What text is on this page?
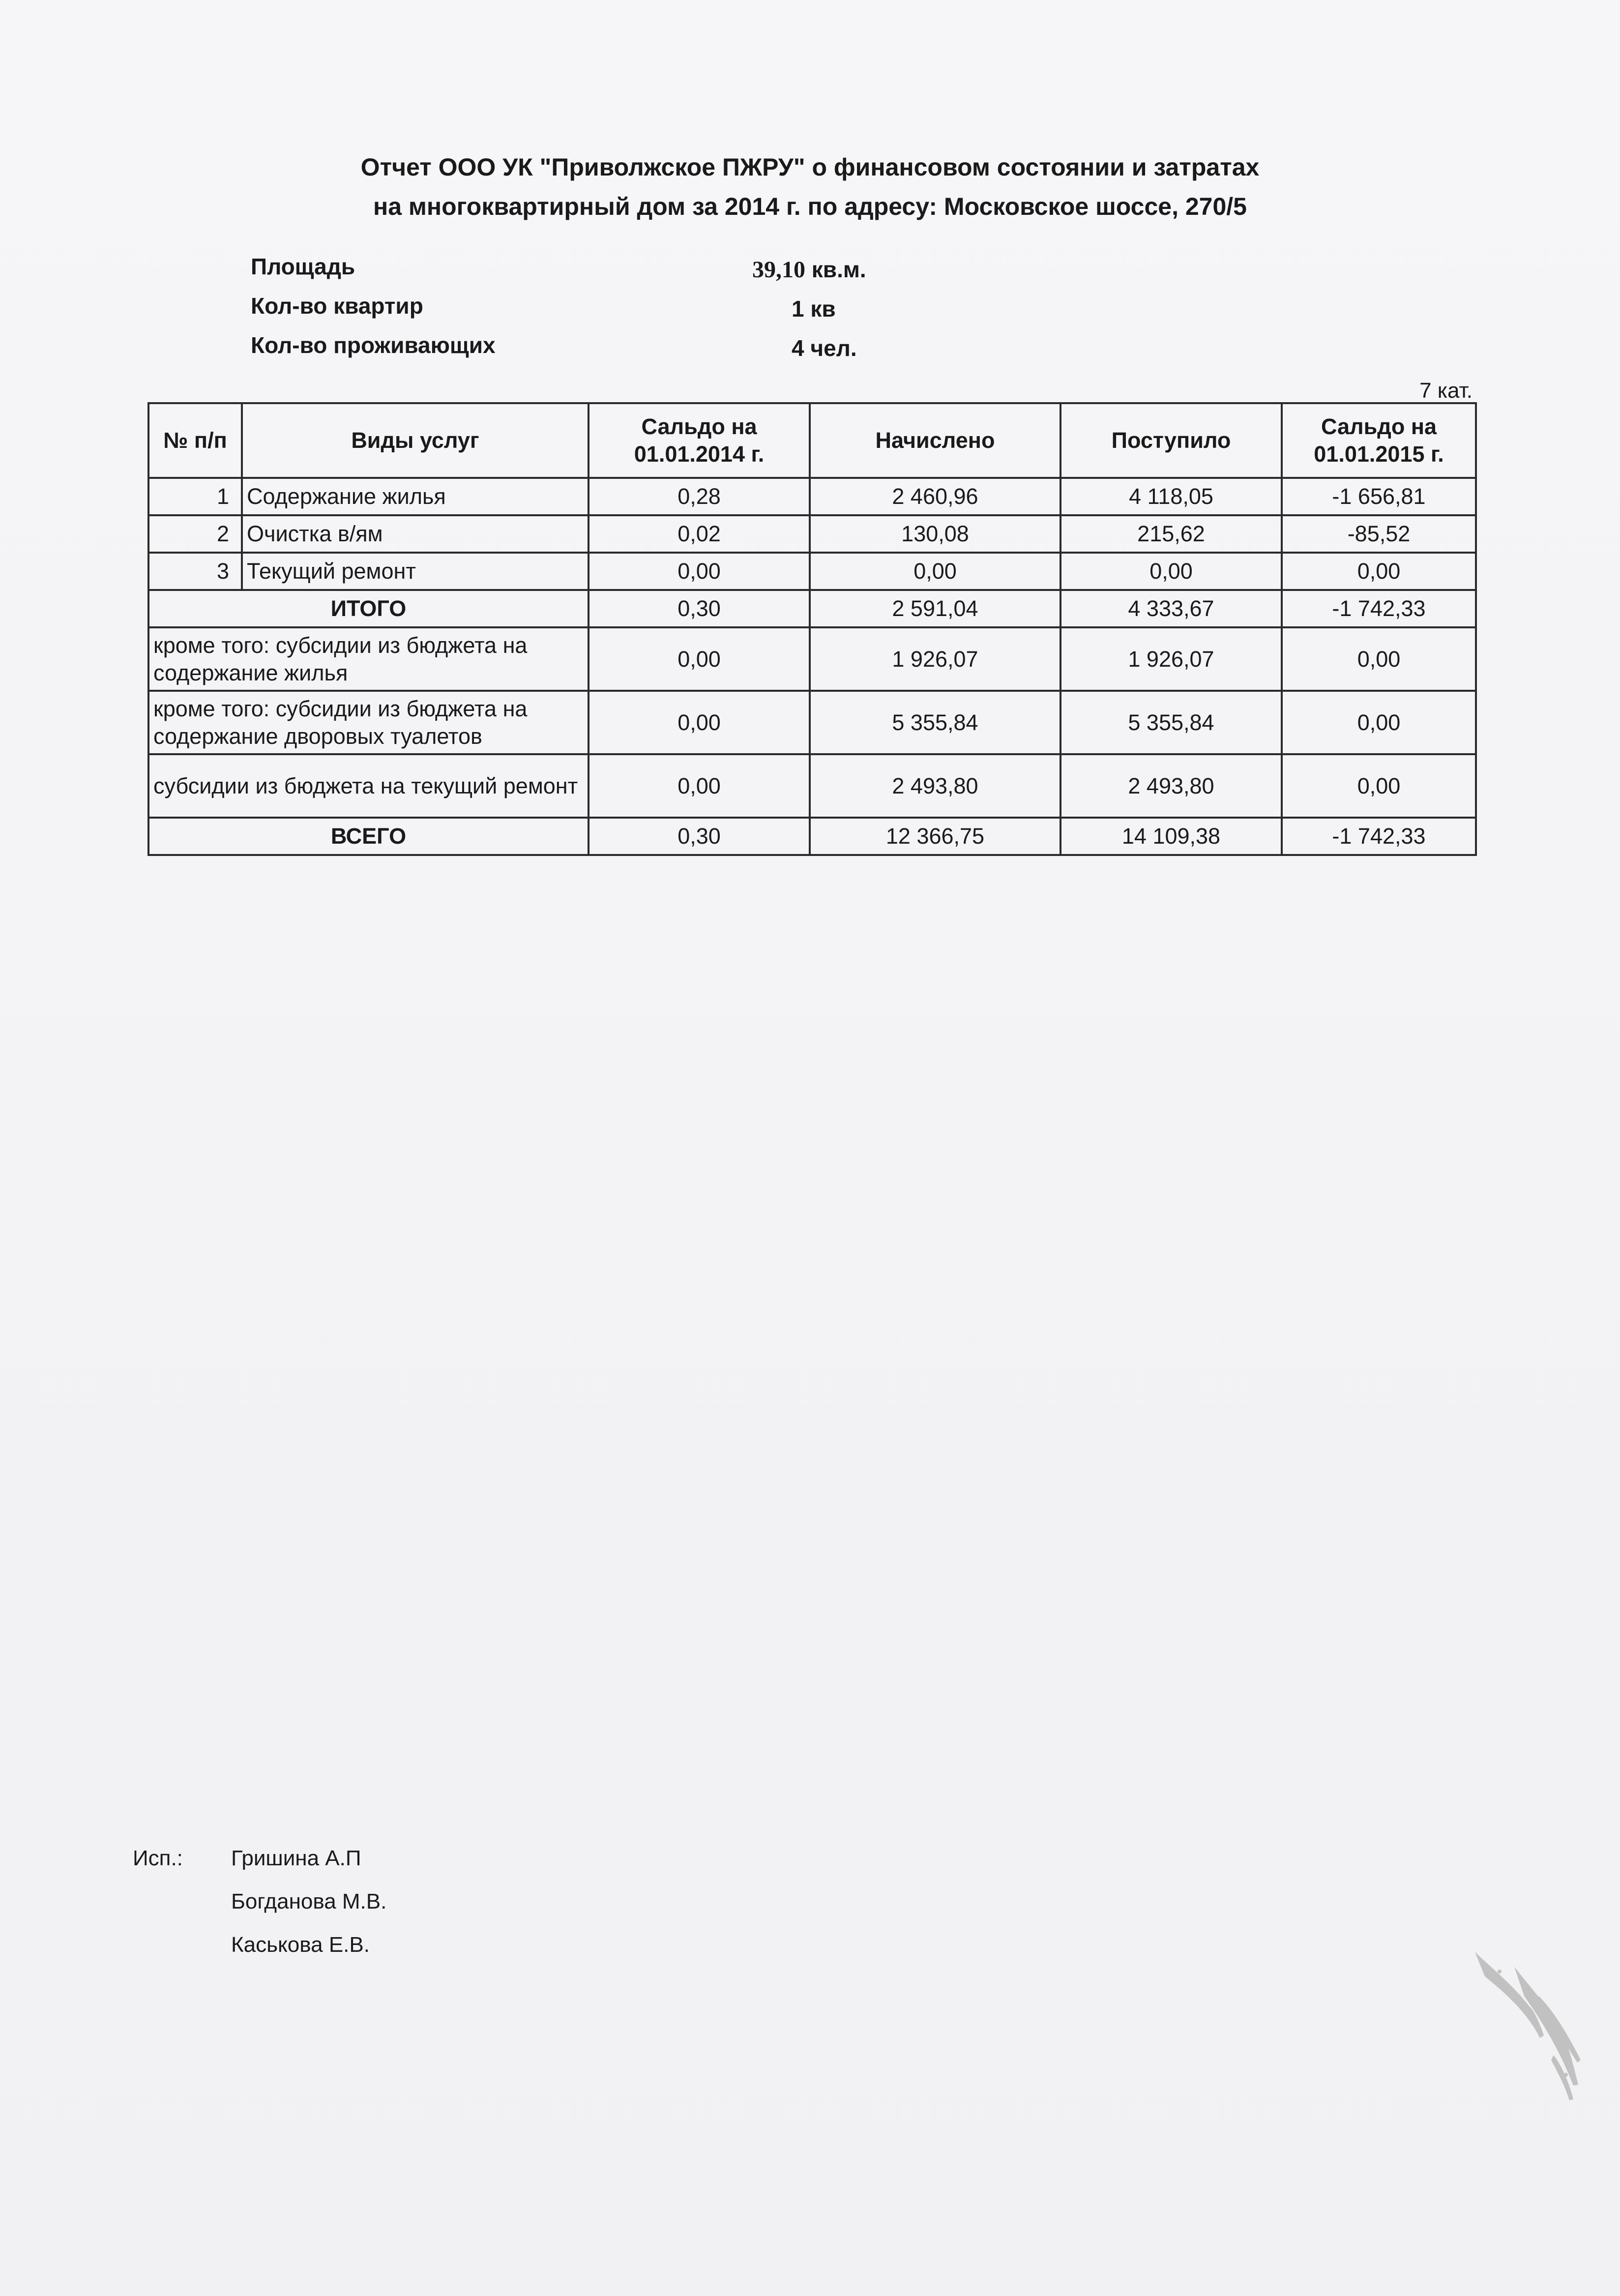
Отчет ООО УК "Приволжское ПЖРУ" о финансовом состоянии и затратах
на многоквартирный дом за 2014 г. по адресу: Московское шоссе, 270/5
Площадь	39,10 кв.м.
Кол-во квартир	1 кв
Кол-во проживающих	4 чел.
7 кат.
№ п/п	Виды услуг	Сальдо на 01.01.2014 г.	Начислено	Поступило	Сальдо на 01.01.2015 г.
1	Содержание жилья	0,28	2 460,96	4 118,05	-1 656,81
2	Очистка в/ям	0,02	130,08	215,62	-85,52
3	Текущий ремонт	0,00	0,00	0,00	0,00
ИТОГО		0,30	2 591,04	4 333,67	-1 742,33
кроме того: субсидии из бюджета на содержание жилья		0,00	1 926,07	1 926,07	0,00
кроме того: субсидии из бюджета на содержание дворовых туалетов		0,00	5 355,84	5 355,84	0,00
субсидии из бюджета на текущий ремонт		0,00	2 493,80	2 493,80	0,00
ВСЕГО		0,30	12 366,75	14 109,38	-1 742,33
Исп.: Гришина А.П
Богданова М.В.
Каськова Е.В.
